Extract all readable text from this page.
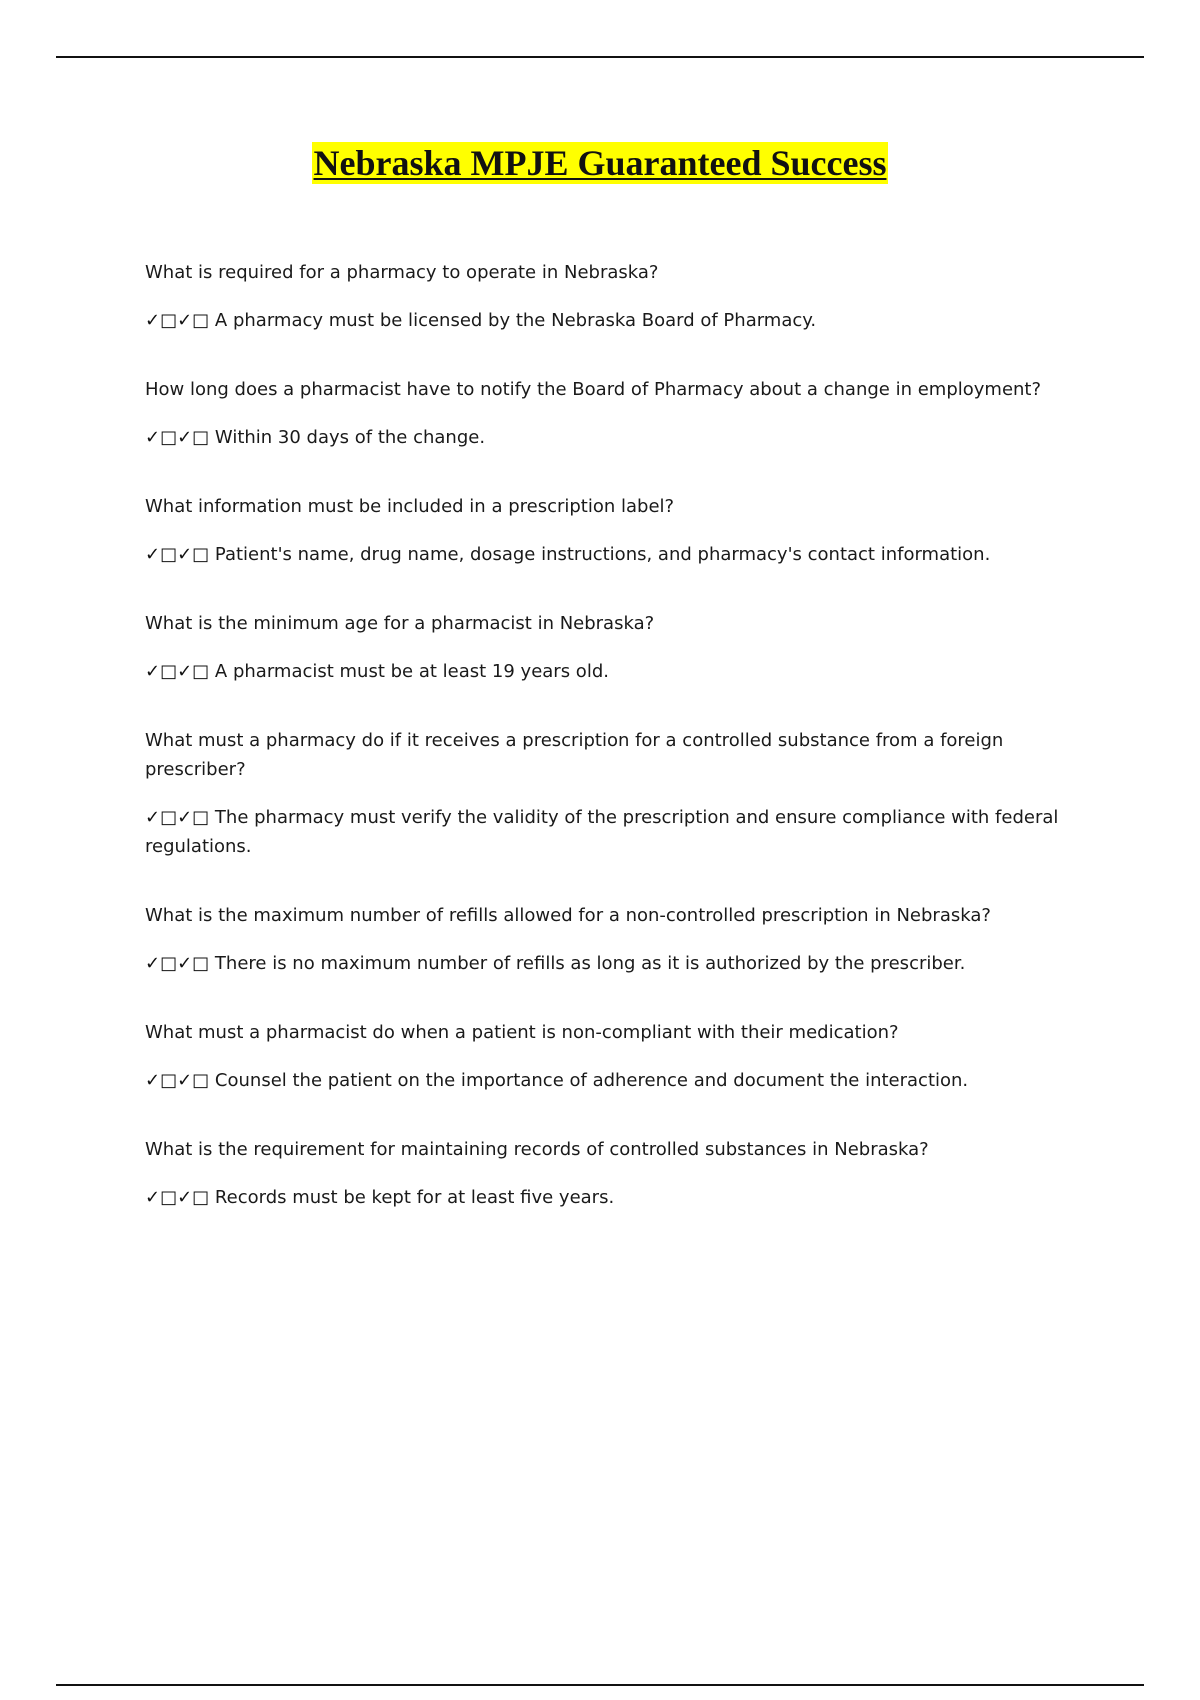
Nebraska MPJE Guaranteed Success

What is required for a pharmacy to operate in Nebraska?

✓□✓□ A pharmacy must be licensed by the Nebraska Board of Pharmacy.

How long does a pharmacist have to notify the Board of Pharmacy about a change in employment?

✓□✓□ Within 30 days of the change.

What information must be included in a prescription label?

✓□✓□ Patient's name, drug name, dosage instructions, and pharmacy's contact information.

What is the minimum age for a pharmacist in Nebraska?

✓□✓□ A pharmacist must be at least 19 years old.

What must a pharmacy do if it receives a prescription for a controlled substance from a foreign prescriber?

✓□✓□ The pharmacy must verify the validity of the prescription and ensure compliance with federal regulations.

What is the maximum number of refills allowed for a non-controlled prescription in Nebraska?

✓□✓□ There is no maximum number of refills as long as it is authorized by the prescriber.

What must a pharmacist do when a patient is non-compliant with their medication?

✓□✓□ Counsel the patient on the importance of adherence and document the interaction.

What is the requirement for maintaining records of controlled substances in Nebraska?

✓□✓□ Records must be kept for at least five years.
